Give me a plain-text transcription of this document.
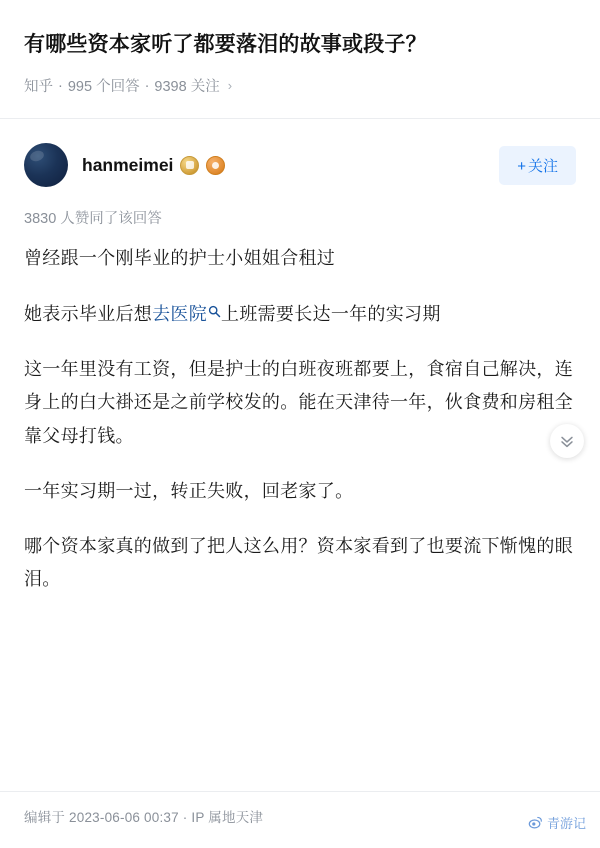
有哪些资本家听了都要落泪的故事或段子？
知乎 · 995 个回答 · 9398 关注 ›
hanmeimei	+ 关注
3830 人赞同了该回答

曾经跟一个刚毕业的护士小姐姐合租过

她表示毕业后想去医院 上班需要长达一年的实习期

这一年里没有工资，但是护士的白班夜班都要上，食宿自己解决，连身上的白大褂还是之前学校发的。能在天津待一年，伙食费和房租全靠父母打钱。

一年实习期一过，转正失败，回老家了。

哪个资本家真的做到了把人这么用？资本家看到了也要流下惭愧的眼泪。

编辑于 2023-06-06 00:37 · IP 属地天津	青游记
